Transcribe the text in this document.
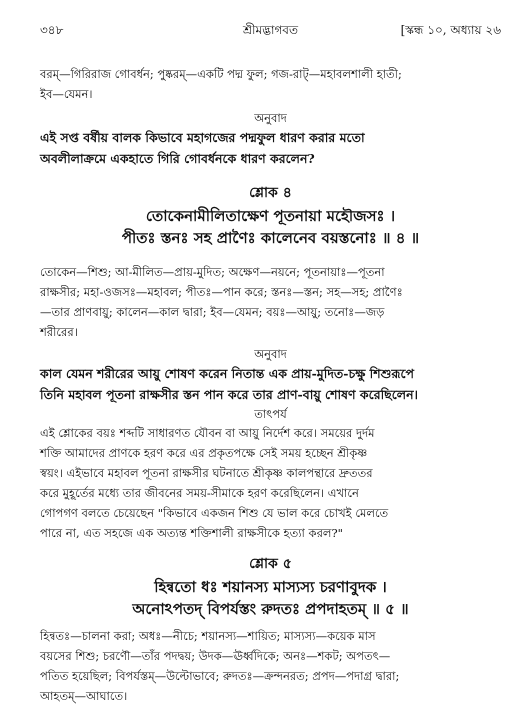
৩৪৮	শ্রীমদ্ভাগবত	[স্কন্ধ ১০, অধ্যায় ২৬
বরম্—গিরিরাজ গোবর্ধন; পুষ্করম্—একটি পদ্ম ফুল; গজ-রাট্—মহাবলশালী হাতী;
ইব—যেমন।
অনুবাদ
এই সপ্ত বর্ষীয় বালক কিভাবে মহাগজের পদ্মফুল ধারণ করার মতো
অবলীলাক্রমে একহাতে গিরি গোবর্ধনকে ধারণ করলেন?
শ্লোক ৪
তোকেনামীলিতাক্ষেণ পূতনায়া মহৌজসঃ ।
পীতঃ স্তনঃ সহ প্রাণৈঃ কালেনেব বয়স্তনোঃ ॥ ৪ ॥
তোকেন—শিশু; আ-মীলিত—প্রায়-মুদিত; অক্ষেণ—নয়নে; পূতনায়াঃ—পূতনা
রাক্ষসীর; মহা-ওজসঃ—মহাবল; পীতঃ—পান করে; স্তনঃ—স্তন; সহ—সহ; প্রাণৈঃ
—তার প্রাণবায়ু; কালেন—কাল দ্বারা; ইব—যেমন; বয়ঃ—আয়ু; তনোঃ—জড়
শরীরের।
অনুবাদ
কাল যেমন শরীরের আয়ু শোষণ করেন নিতান্ত এক প্রায়-মুদিত-চক্ষু শিশুরূপে
তিনি মহাবল পূতনা রাক্ষসীর স্তন পান করে তার প্রাণ-বায়ু শোষণ করেছিলেন।
তাৎপর্য
এই শ্লোকের বয়ঃ শব্দটি সাধারণত যৌবন বা আয়ু নির্দেশ করে। সময়ের দুর্দম
শক্তি আমাদের প্রাণকে হরণ করে এর প্রকৃতপক্ষে সেই সময় হচ্ছেন শ্রীকৃষ্ণ
স্বয়ং। এইভাবে মহাবল পূতনা রাক্ষসীর ঘটনাতে শ্রীকৃষ্ণ কালপন্থারে দ্রুততর
করে মুহূর্তের মধ্যে তার জীবনের সময়-সীমাকে হরণ করেছিলেন। এখানে
গোপগণ বলতে চেয়েছেন "কিভাবে একজন শিশু যে ভাল করে চোখই মেলতে
পারে না, এত সহজে এক অত্যন্ত শক্তিশালী রাক্ষসীকে হত্যা করল?"
শ্লোক ৫
হিন্বতো ধঃ শয়ানস্য মাস্যস্য চরণাবুদক ।
অনোঽপতদ্ বিপর্যস্তং রুদতঃ প্রপদাহতম্ ॥ ৫ ॥
হিন্বতঃ—চালনা করা; অধঃ—নীচে; শয়ানস্য—শায়িত; মাস্যস্য—কয়েক মাস
বয়সের শিশু; চরণৌ—তাঁর পদদ্বয়; উদক—ঊর্ধ্বদিকে; অনঃ—শকট; অপতৎ—
পতিত হয়েছিল; বিপর্যস্তম্—উল্টোভাবে; রুদতঃ—ক্রন্দনরত; প্রপদ—পদাগ্র দ্বারা;
আহতম্—আঘাতে।
